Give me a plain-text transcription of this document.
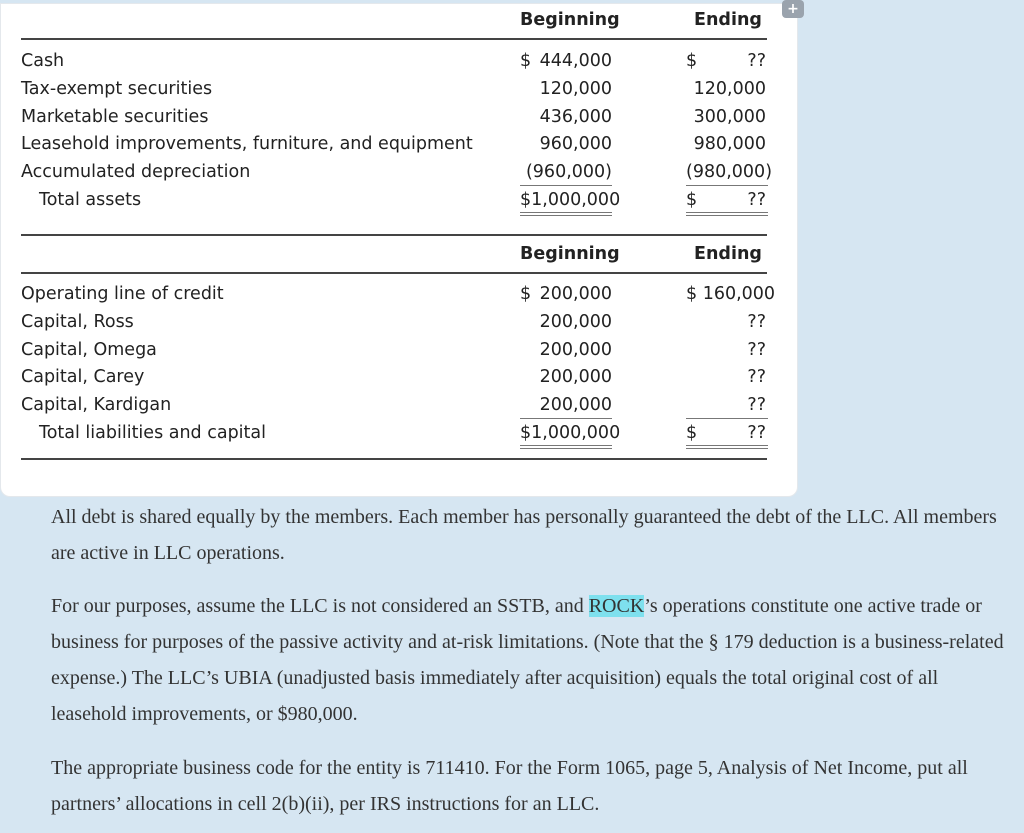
+
Beginning	Ending
Cash	$ 444,000	$	??
Tax-exempt securities	120,000	120,000
Marketable securities	436,000	300,000
Leasehold improvements, furniture, and equipment	960,000	980,000
Accumulated depreciation	(960,000)	(980,000)
Total assets	$1,000,000	$	??
Beginning	Ending
Operating line of credit	$ 200,000	$ 160,000
Capital, Ross	200,000	??
Capital, Omega	200,000	??
Capital, Carey	200,000	??
Capital, Kardigan	200,000	??
Total liabilities and capital	$1,000,000	$	??
All debt is shared equally by the members. Each member has personally guaranteed the debt of the LLC. All members are active in LLC operations.
For our purposes, assume the LLC is not considered an SSTB, and ROCK’s operations constitute one active trade or business for purposes of the passive activity and at-risk limitations. (Note that the § 179 deduction is a business-related expense.) The LLC’s UBIA (unadjusted basis immediately after acquisition) equals the total original cost of all leasehold improvements, or $980,000.
The appropriate business code for the entity is 711410. For the Form 1065, page 5, Analysis of Net Income, put all partners’ allocations in cell 2(b)(ii), per IRS instructions for an LLC.
